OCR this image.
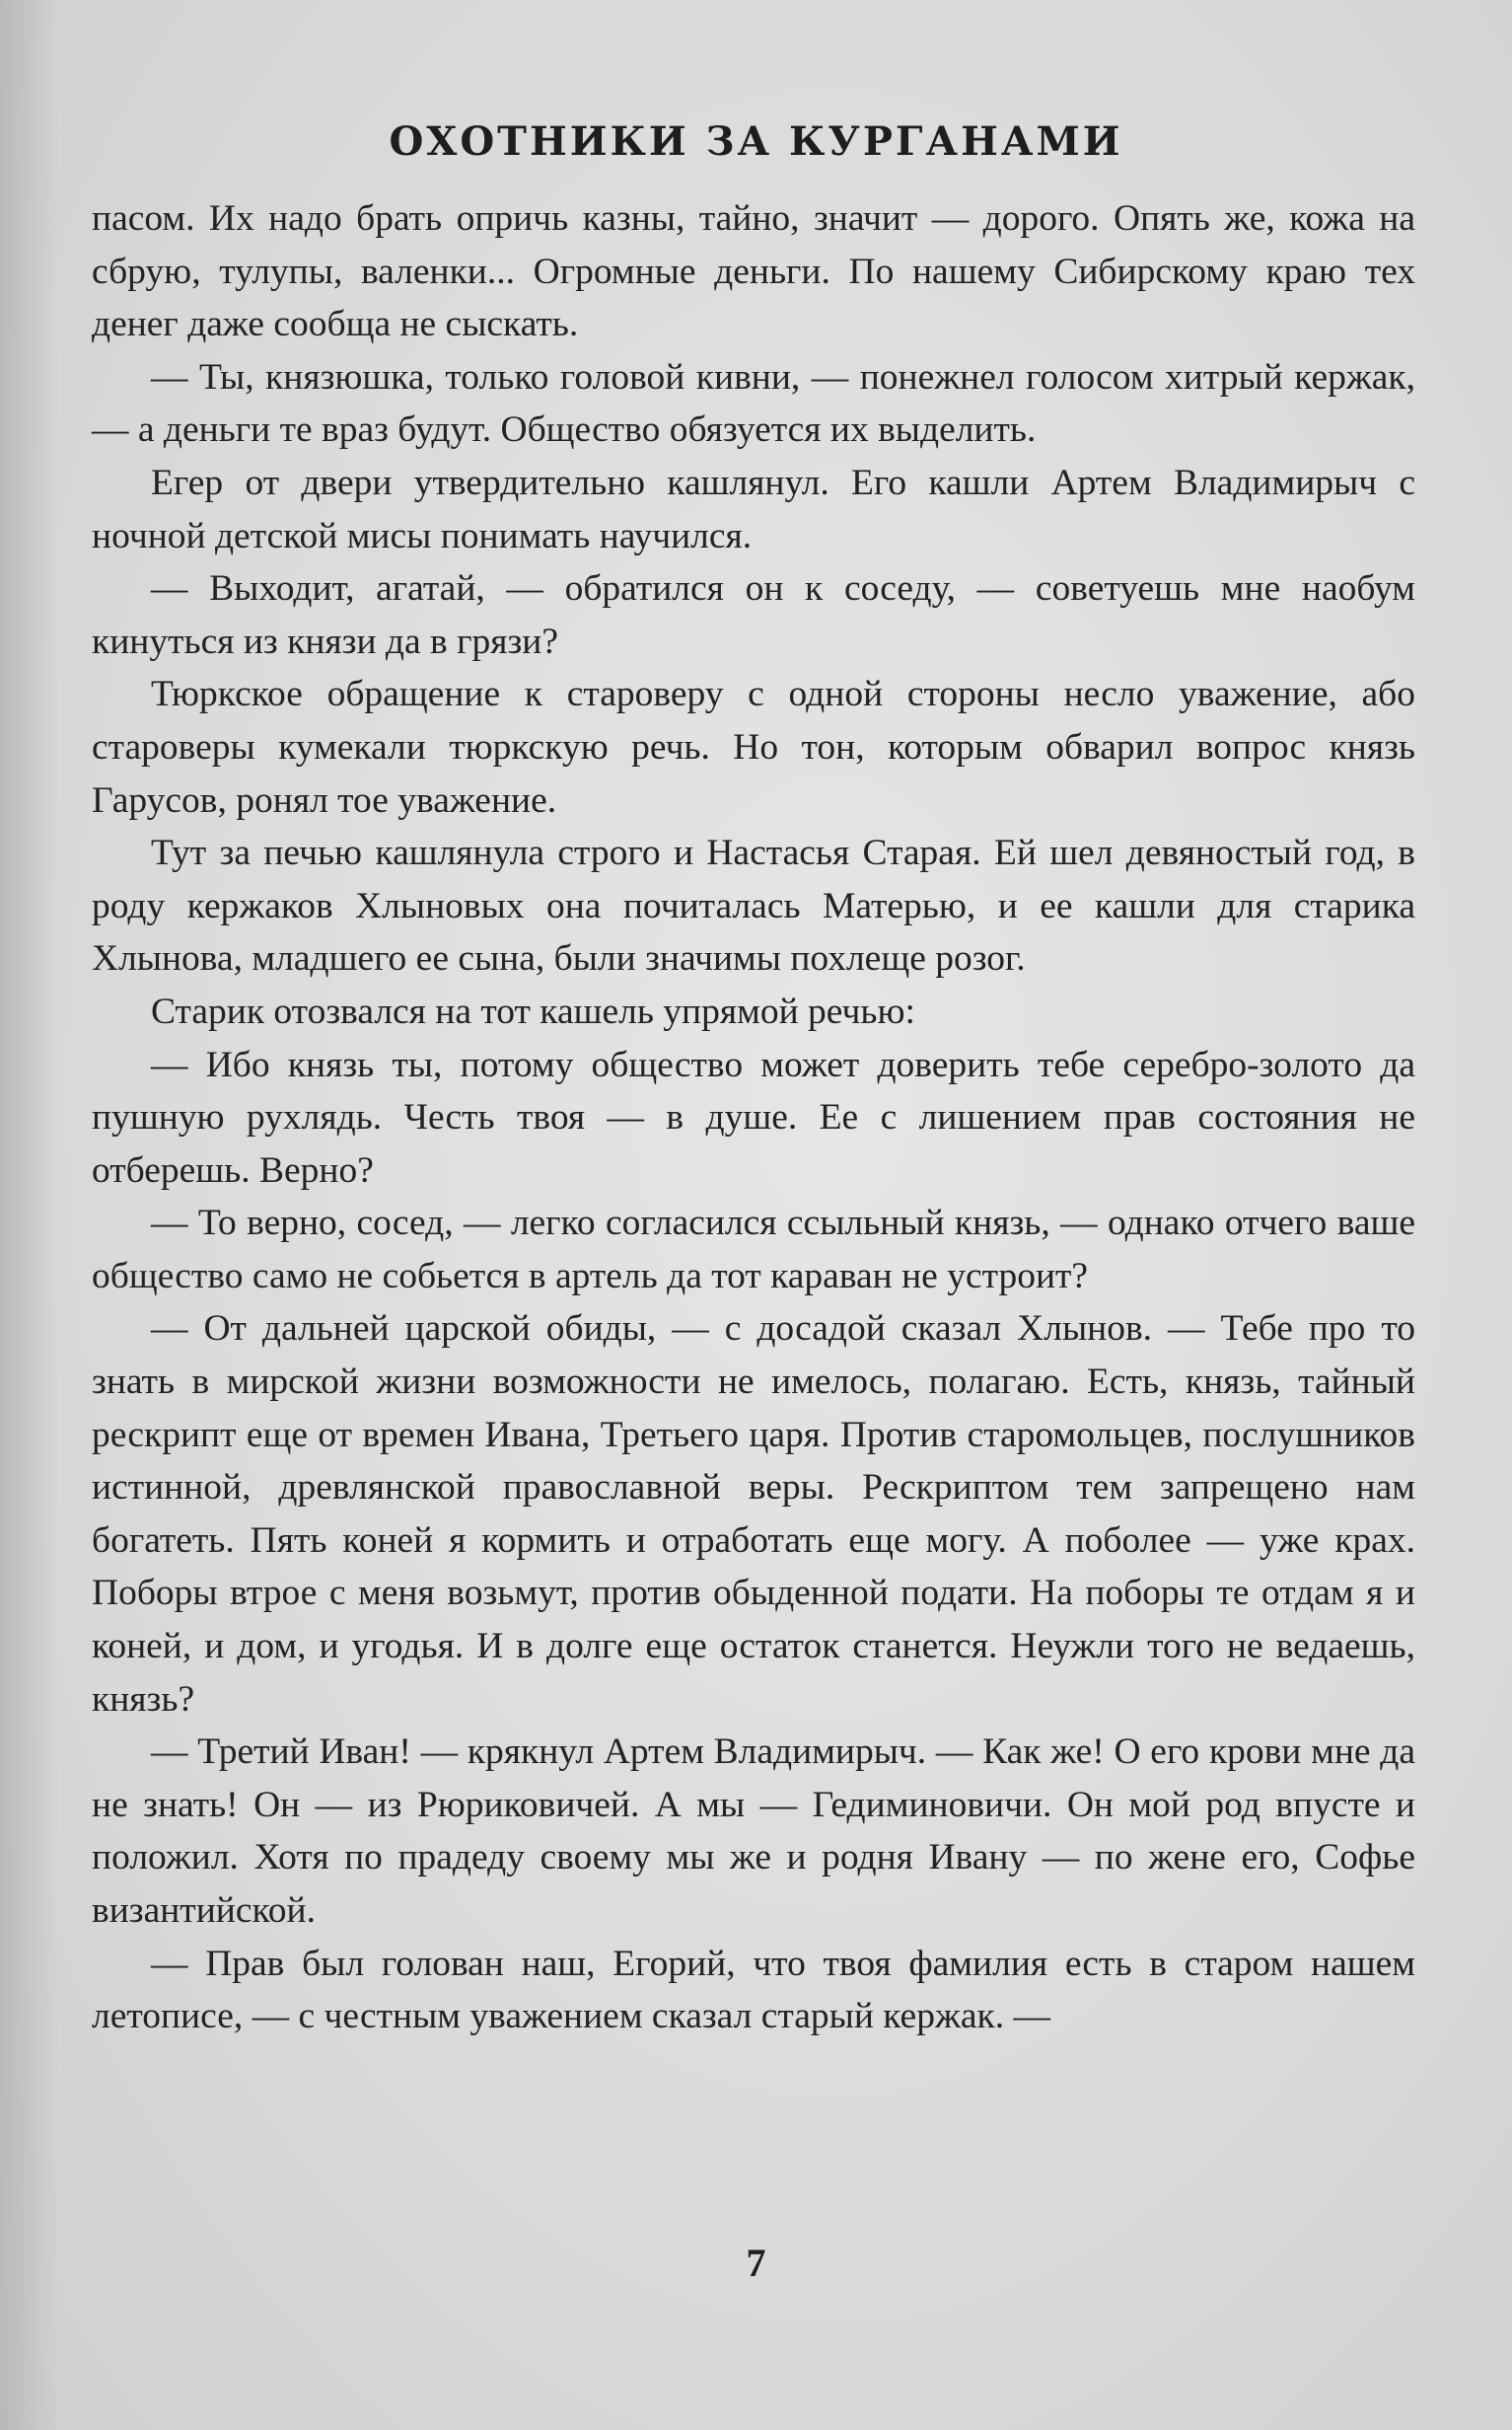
ОХОТНИКИ ЗА КУРГАНАМИ

пасом. Их надо брать опричь казны, тайно, значит — дорого. Опять же, кожа на сбрую, тулупы, валенки... Огромные деньги. По нашему Сибирскому краю тех денег даже сообща не сыскать.

— Ты, князюшка, только головой кивни, — понежнел голосом хитрый кержак, — а деньги те враз будут. Общество обязуется их выделить.

Егер от двери утвердительно кашлянул. Его кашли Артем Владимирыч с ночной детской мисы понимать научился.

— Выходит, агатай, — обратился он к соседу, — советуешь мне нaобум кинуться из князи да в грязи?

Тюркское обращение к староверу с одной стороны несло уважение, або староверы кумекали тюркскую речь. Но тон, которым обварил вопрос князь Гарусов, ронял тое уважение.

Тут за печью кашлянула строго и Настасья Старая. Ей шел девяностый год, в роду кержаков Хлыновых она почиталась Матерью, и ее кашли для старика Хлынова, младшего ее сына, были значимы похлеще розог.

Старик отозвался на тот кашель упрямой речью:

— Ибо князь ты, потому общество может доверить тебе серебро-золото да пушную рухлядь. Честь твоя — в душе. Ее с лишением прав состояния не отберешь. Верно?

— То верно, сосед, — легко согласился ссыльный князь, — однако отчего ваше общество само не собьется в артель да тот караван не устроит?

— От дальней царской обиды, — с досадой сказал Хлынов. — Тебе про то знать в мирской жизни возможности не имелось, полагаю. Есть, князь, тайный рескрипт еще от времен Ивана, Третьего царя. Против старомольцев, послушников истинной, древлянской православной веры. Рескриптом тем запрещено нам богатеть. Пять коней я кормить и отработать еще могу. А поболее — уже крах. Поборы втрое с меня возьмут, против обыденной подати. На поборы те отдам я и коней, и дом, и угодья. И в долге еще остаток станется. Неужли того не ведаешь, князь?

— Третий Иван! — крякнул Артем Владимирыч. — Как же! О его крови мне да не знать! Он — из Рюриковичей. А мы — Гедиминовичи. Он мой род впусте и положил. Хотя по прадеду своему мы же и родня Ивану — по жене его, Софье византийской.

— Прав был голован наш, Егорий, что твоя фамилия есть в старом нашем летописе, — с честным уважением сказал старый кержак. —

7
